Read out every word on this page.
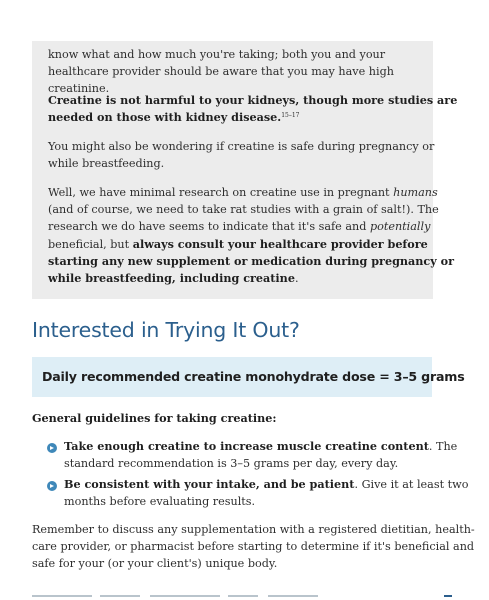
know what and how much you're taking; both you and your healthcare provider should be aware that you may have high creatinine.

Creatine is not harmful to your kidneys, though more studies are
needed on those with kidney disease.$^{15-17}$

You might also be wondering if creatine is safe during pregnancy or
while breastfeeding.

Well, we have minimal research on creatine use in pregnant humans
(and of course, we need to take rat studies with a grain of salt!). The
research we do have seems to indicate that it's safe and potentially
beneficial, but always consult your healthcare provider before
starting any new supplement or medication during pregnancy or
while breastfeeding, including creatine.

Interested in Trying It Out?

Daily recommended creatine monohydrate dose = 3–5 grams

General guidelines for taking creatine:

Take enough creatine to increase muscle creatine content. The
standard recommendation is 3–5 grams per day, every day.

Be consistent with your intake, and be patient. Give it at least two
months before evaluating results.

Remember to discuss any supplementation with a registered dietitian, health-
care provider, or pharmacist before starting to determine if it's beneficial and
safe for your (or your client's) unique body.
